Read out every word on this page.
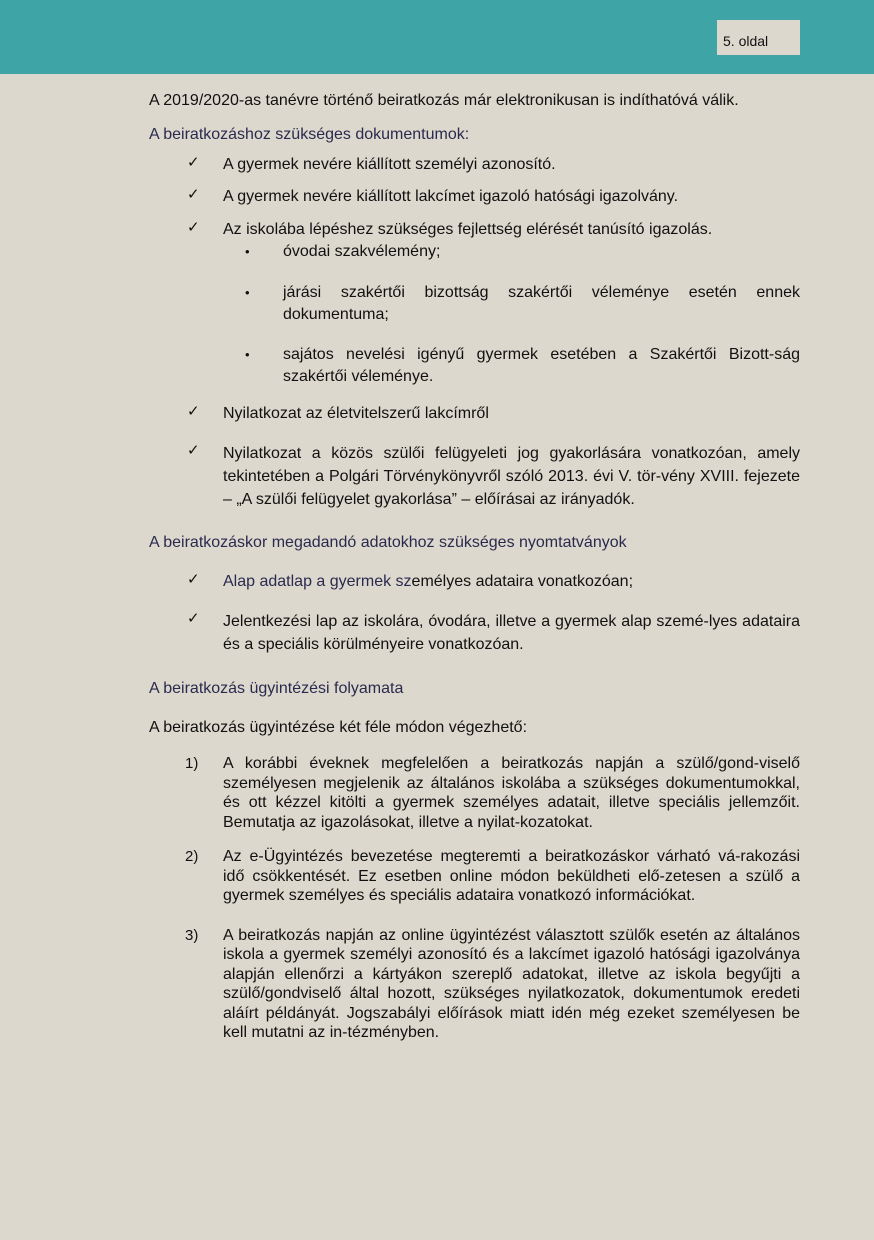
5. oldal

A 2019/2020-as tanévre történő beiratkozás már elektronikusan is indíthatóvá válik.

A beiratkozáshoz szükséges dokumentumok:

✓ A gyermek nevére kiállított személyi azonosító.
✓ A gyermek nevére kiállított lakcímet igazoló hatósági igazolvány.
✓ Az iskolába lépéshez szükséges fejlettség elérését tanúsító igazolás.
• óvodai szakvélemény;
• járási szakértői bizottság szakértői véleménye esetén ennek dokumentuma;
• sajátos nevelési igényű gyermek esetében a Szakértői Bizott-ság szakértői véleménye.
✓ Nyilatkozat az életvitelszerű lakcímről
✓ Nyilatkozat a közös szülői felügyeleti jog gyakorlására vonatkozóan, amely tekintetében a Polgári Törvénykönyvről szóló 2013. évi V. tör-vény XVIII. fejezete – „A szülői felügyelet gyakorlása” – előírásai az irányadók.

A beiratkozáskor megadandó adatokhoz szükséges nyomtatványok

✓ Alap adatlap a gyermek személyes adataira vonatkozóan;
✓ Jelentkezési lap az iskolára, óvodára, illetve a gyermek alap szemé-lyes adataira és a speciális körülményeire vonatkozóan.

A beiratkozás ügyintézési folyamata

A beiratkozás ügyintézése két féle módon végezhető:

1) A korábbi éveknek megfelelően a beiratkozás napján a szülő/gond-viselő személyesen megjelenik az általános iskolába a szükséges dokumentumokkal, és ott kézzel kitölti a gyermek személyes adatait, illetve speciális jellemzőit. Bemutatja az igazolásokat, illetve a nyilat-kozatokat.
2) Az e-Ügyintézés bevezetése megteremti a beiratkozáskor várható vá-rakozási idő csökkentését. Ez esetben online módon beküldheti elő-zetesen a szülő a gyermek személyes és speciális adataira vonatkozó információkat.
3) A beiratkozás napján az online ügyintézést választott szülők esetén az általános iskola a gyermek személyi azonosító és a lakcímet igazoló hatósági igazolványa alapján ellenőrzi a kártyákon szereplő adatokat, illetve az iskola begyűjti a szülő/gondviselő által hozott, szükséges nyilatkozatok, dokumentumok eredeti aláírt példányát. Jogszabályi előírások miatt idén még ezeket személyesen be kell mutatni az in-tézményben.
